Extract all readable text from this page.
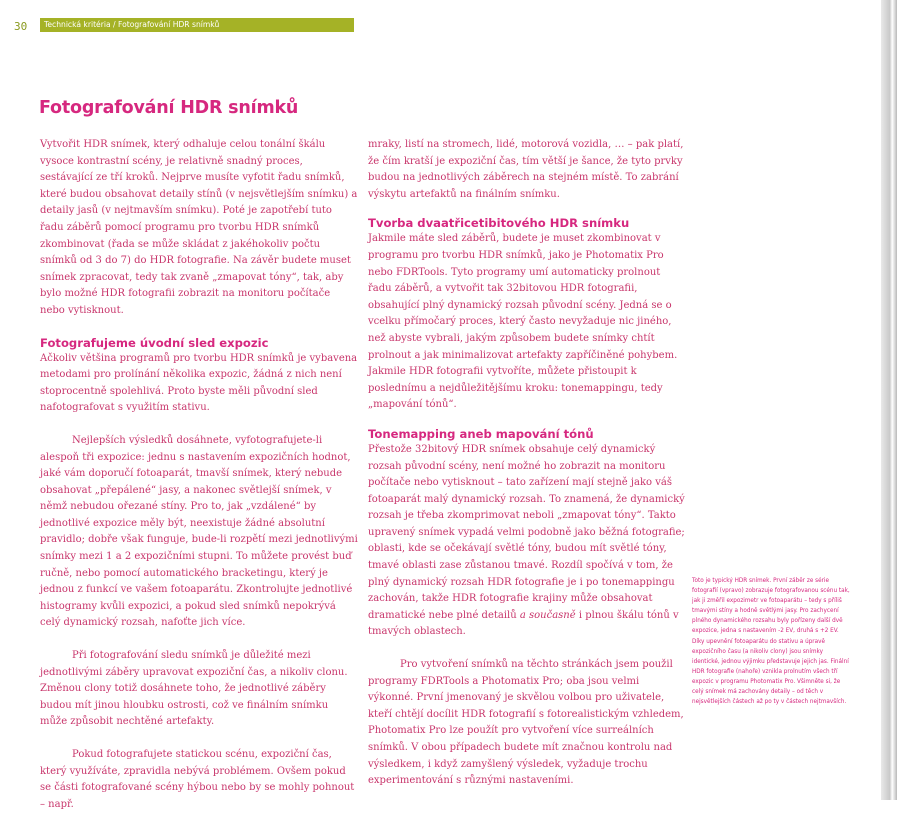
30	Technická kritéria / Fotografování HDR snímků
Fotografování HDR snímků

Vytvořit HDR snímek, který odhaluje celou tonální škálu vysoce kontrastní scény, je relativně snadný proces, sestávající ze tří kroků. Nejprve musíte vyfotit řadu snímků, které budou obsahovat detaily stínů (v nejsvětlejším snímku) a detaily jasů (v nejtmavším snímku). Poté je zapotřebí tuto řadu záběrů pomocí programu pro tvorbu HDR snímků zkombinovat (řada se může skládat z jakéhokoliv počtu snímků od 3 do 7) do HDR fotografie. Na závěr budete muset snímek zpracovat, tedy tak zvaně „zmapovat tóny“, tak, aby bylo možné HDR fotografii zobrazit na monitoru počítače nebo vytisknout.

Fotografujeme úvodní sled expozic

Ačkoliv většina programů pro tvorbu HDR snímků je vybavena metodami pro prolínání několika expozic, žádná z nich není stoprocentně spolehlivá. Proto byste měli původní sled nafotografovat s využitím stativu.

Nejlepších výsledků dosáhnete, vyfotografujete-li alespoň tři expozice: jednu s nastavením expozičních hodnot, jaké vám doporučí fotoaparát, tmavší snímek, který nebude obsahovat „přepálené“ jasy, a nakonec světlejší snímek, v němž nebudou ořezané stíny. Pro to, jak „vzdálené“ by jednotlivé expozice měly být, neexistuje žádné absolutní pravidlo; dobře však funguje, bude-li rozpětí mezi jednotlivými snímky mezi 1 a 2 expozičními stupni. To můžete provést buď ručně, nebo pomocí automatického bracketingu, který je jednou z funkcí ve vašem fotoaparátu. Zkontrolujte jednotlivé histogramy kvůli expozici, a pokud sled snímků nepokrývá celý dynamický rozsah, nafoťte jich více.

Při fotografování sledu snímků je důležité mezi jednotlivými záběry upravovat expoziční čas, a nikoliv clonu. Změnou clony totiž dosáhnete toho, že jednotlivé záběry budou mít jinou hloubku ostrosti, což ve finálním snímku může způsobit nechtěné artefakty.

Pokud fotografujete statickou scénu, expoziční čas, který využíváte, zpravidla nebývá problémem. Ovšem pokud se části fotografované scény hýbou nebo by se mohly pohnout – např.

mraky, listí na stromech, lidé, motorová vozidla, … – pak platí, že čím kratší je expoziční čas, tím větší je šance, že tyto prvky budou na jednotlivých záběrech na stejném místě. To zabrání výskytu artefaktů na finálním snímku.

Tvorba dvaatřicetibitového HDR snímku

Jakmile máte sled záběrů, budete je muset zkombinovat v programu pro tvorbu HDR snímků, jako je Photomatix Pro nebo FDRTools. Tyto programy umí automaticky prolnout řadu záběrů, a vytvořit tak 32bitovou HDR fotografii, obsahující plný dynamický rozsah původní scény. Jedná se o vcelku přímočarý proces, který často nevyžaduje nic jiného, než abyste vybrali, jakým způsobem budete snímky chtít prolnout a jak minimalizovat artefakty zapříčiněné pohybem. Jakmile HDR fotografii vytvoříte, můžete přistoupit k poslednímu a nejdůležitějšímu kroku: tonemappingu, tedy „mapování tónů“.

Tonemapping aneb mapování tónů

Přestože 32bitový HDR snímek obsahuje celý dynamický rozsah původní scény, není možné ho zobrazit na monitoru počítače nebo vytisknout – tato zařízení mají stejně jako váš fotoaparát malý dynamický rozsah. To znamená, že dynamický rozsah je třeba zkomprimovat neboli „zmapovat tóny“. Takto upravený snímek vypadá velmi podobně jako běžná fotografie; oblasti, kde se očekávají světlé tóny, budou mít světlé tóny, tmavé oblasti zase zůstanou tmavé. Rozdíl spočívá v tom, že plný dynamický rozsah HDR fotografie je i po tonemappingu zachován, takže HDR fotografie krajiny může obsahovat dramatické nebe plné detailů a současně i plnou škálu tónů v tmavých oblastech.

Pro vytvoření snímků na těchto stránkách jsem použil programy FDRTools a Photomatix Pro; oba jsou velmi výkonné. První jmenovaný je skvělou volbou pro uživatele, kteří chtějí docílit HDR fotografií s fotorealistickým vzhledem, Photomatix Pro lze použít pro vytvoření více surreálních snímků. V obou případech budete mít značnou kontrolu nad výsledkem, i když zamyšlený výsledek, vyžaduje trochu experimentování s různými nastaveními.

Toto je typický HDR snímek. První záběr ze série fotografií (vpravo) zobrazuje fotografovanou scénu tak, jak ji změřil expozimetr ve fotoaparátu – tedy s příliš tmavými stíny a hodně světlými jasy. Pro zachycení plného dynamického rozsahu byly pořízeny další dvě expozice, jedna s nastavením -2 EV, druhá s +2 EV. Díky upevnění fotoaparátu do stativu a úpravě expozičního času (a nikoliv clony) jsou snímky identické, jednou výjimku představuje jejich jas. Finální HDR fotografie (nahoře) vznikla prolnutím všech tří expozic v programu Photomatix Pro. Všimněte si, že celý snímek má zachovány detaily – od těch v nejsvětlejších částech až po ty v částech nejtmavších.
